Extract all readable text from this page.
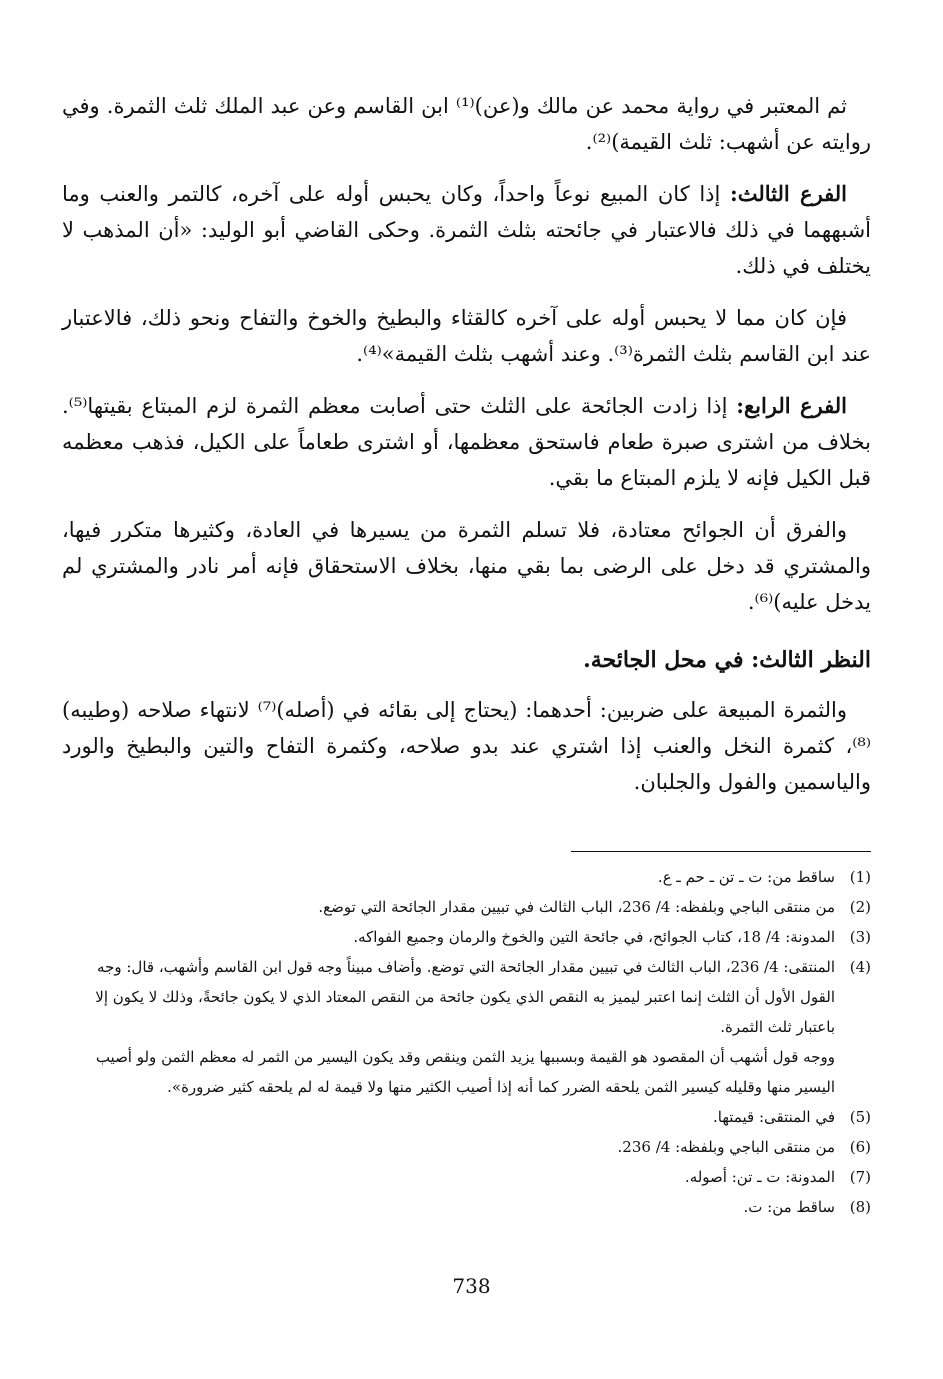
ثم المعتبر في رواية محمد عن مالك و(عن)⁽¹⁾ ابن القاسم وعن عبد الملك ثلث الثمرة. وفي روايته عن أشهب: ثلث القيمة)⁽²⁾.

الفرع الثالث: إذا كان المبيع نوعاً واحداً، وكان يحبس أوله على آخره، كالتمر والعنب وما أشبههما في ذلك فالاعتبار في جائحته بثلث الثمرة. وحكى القاضي أبو الوليد: «أن المذهب لا يختلف في ذلك.

فإن كان مما لا يحبس أوله على آخره كالقثاء والبطيخ والخوخ والتفاح ونحو ذلك، فالاعتبار عند ابن القاسم بثلث الثمرة⁽³⁾. وعند أشهب بثلث القيمة»⁽⁴⁾.

الفرع الرابع: إذا زادت الجائحة على الثلث حتى أصابت معظم الثمرة لزم المبتاع بقيتها⁽⁵⁾. بخلاف من اشترى صبرة طعام فاستحق معظمها، أو اشترى طعاماً على الكيل، فذهب معظمه قبل الكيل فإنه لا يلزم المبتاع ما بقي.

والفرق أن الجوائح معتادة، فلا تسلم الثمرة من يسيرها في العادة، وكثيرها متكرر فيها، والمشتري قد دخل على الرضى بما بقي منها، بخلاف الاستحقاق فإنه أمر نادر والمشتري لم يدخل عليه)⁽⁶⁾.

النظر الثالث: في محل الجائحة.

والثمرة المبيعة على ضربين: أحدهما: (يحتاج إلى بقائه في (أصله)⁽⁷⁾ لانتهاء صلاحه (وطيبه)⁽⁸⁾، كثمرة النخل والعنب إذا اشتري عند بدو صلاحه، وكثمرة التفاح والتين والبطيخ والورد والياسمين والفول والجلبان.

(1)
ساقط من: ت ـ تن ـ حم ـ ع.
(2)
من منتقى الباجي وبلفظه: 4/ 236، الباب الثالث في تبيين مقدار الجائحة التي توضع.
(3)
المدونة: 4/ 18، كتاب الجوائح، في جائحة التين والخوخ والرمان وجميع الفواكه.
(4)
المنتقى: 4/ 236، الباب الثالث في تبيين مقدار الجائحة التي توضع. وأضاف مبيناً وجه قول ابن القاسم وأشهب، قال: وجه القول الأول أن الثلث إنما اعتبر ليميز به النقص الذي يكون جائحة من النقص المعتاد الذي لا يكون جائحةً، وذلك لا يكون إلا باعتبار ثلث الثمرة.
ووجه قول أشهب أن المقصود هو القيمة وبسببها يزيد الثمن وينقص وقد يكون اليسير من الثمر له معظم الثمن ولو أصيب اليسير منها وقليله كيسير الثمن يلحقه الضرر كما أنه إذا أصيب الكثير منها ولا قيمة له لم يلحقه كثير ضرورة».
(5)
في المنتقى: قيمتها.
(6)
من منتقى الباجي وبلفظه: 4/ 236.
(7)
المدونة: ت ـ تن: أصوله.
(8)
ساقط من: ت.
738
